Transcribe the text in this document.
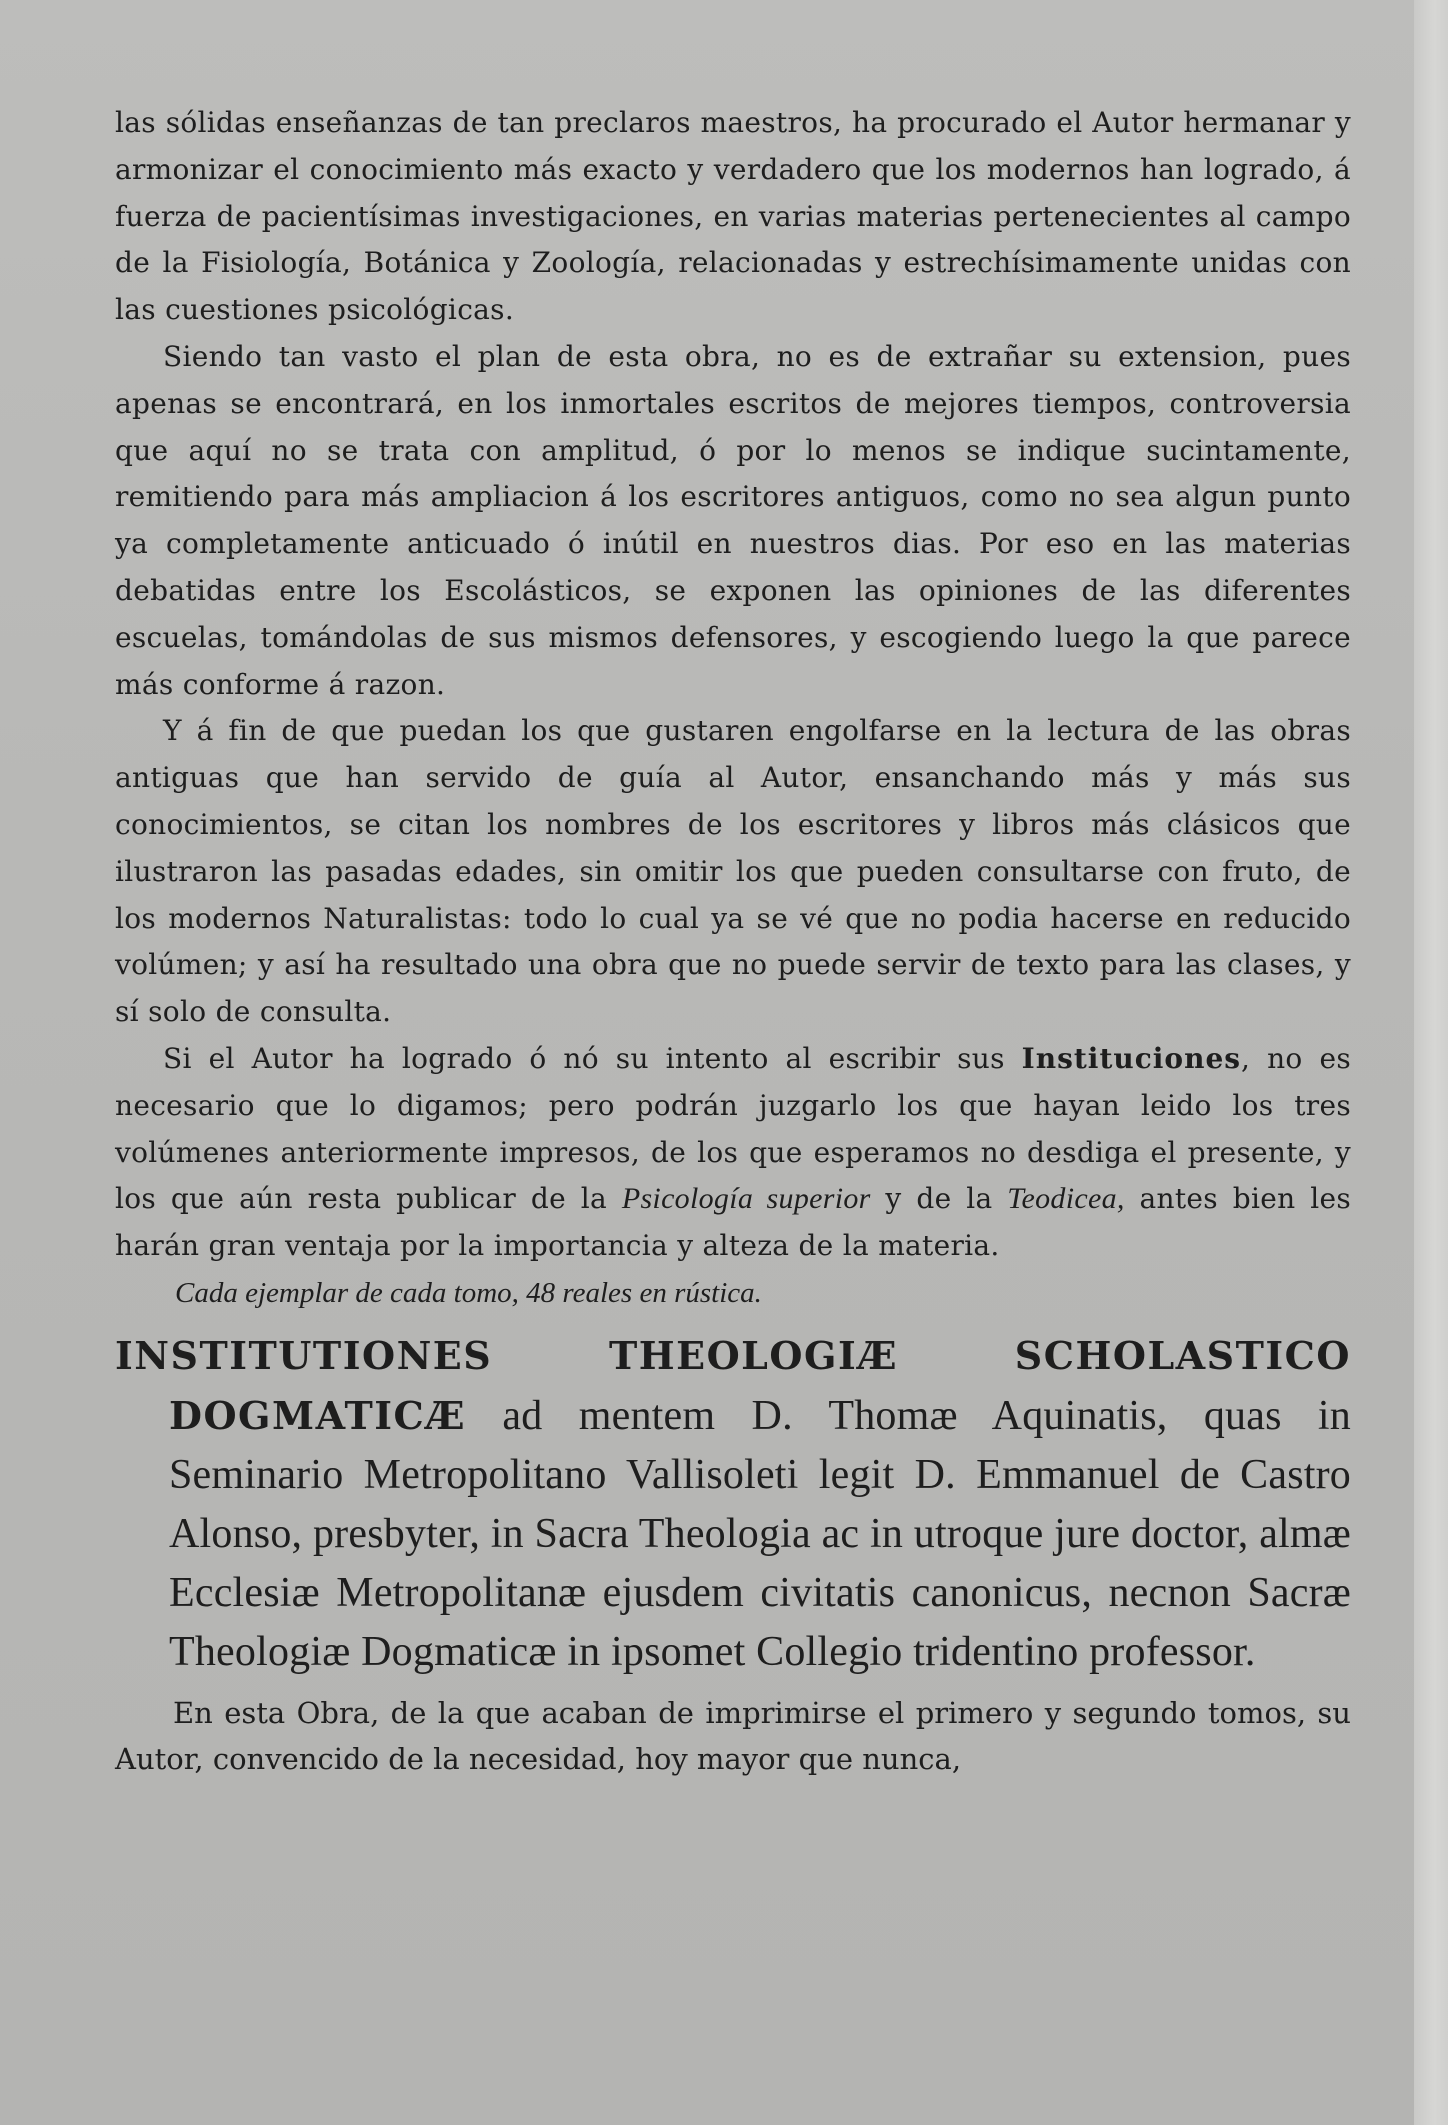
las sólidas enseñanzas de tan preclaros maestros, ha procurado el Autor hermanar y armonizar el conocimiento más exacto y verdadero que los modernos han logrado, á fuerza de pacientísimas investigaciones, en varias materias pertenecientes al campo de la Fisiología, Botánica y Zoología, relacionadas y estrechísimamente unidas con las cuestiones psicológicas.

Siendo tan vasto el plan de esta obra, no es de extrañar su extension, pues apenas se encontrará, en los inmortales escritos de mejores tiempos, controversia que aquí no se trata con amplitud, ó por lo menos se indique sucintamente, remitiendo para más ampliacion á los escritores antiguos, como no sea algun punto ya completamente anticuado ó inútil en nuestros dias. Por eso en las materias debatidas entre los Escolásticos, se exponen las opiniones de las diferentes escuelas, tomándolas de sus mismos defensores, y escogiendo luego la que parece más conforme á razon.

Y á fin de que puedan los que gustaren engolfarse en la lectura de las obras antiguas que han servido de guía al Autor, ensanchando más y más sus conocimientos, se citan los nombres de los escritores y libros más clásicos que ilustraron las pasadas edades, sin omitir los que pueden consultarse con fruto, de los modernos Naturalistas: todo lo cual ya se vé que no podia hacerse en reducido volúmen; y así ha resultado una obra que no puede servir de texto para las clases, y sí solo de consulta.

Si el Autor ha logrado ó nó su intento al escribir sus Instituciones, no es necesario que lo digamos; pero podrán juzgarlo los que hayan leido los tres volúmenes anteriormente impresos, de los que esperamos no desdiga el presente, y los que aún resta publicar de la Psicología superior y de la Teodicea, antes bien les harán gran ventaja por la importancia y alteza de la materia.

Cada ejemplar de cada tomo, 48 reales en rústica.

INSTITUTIONES THEOLOGIÆ SCHOLASTICO DOGMATICÆ ad mentem D. Thomæ Aquinatis, quas in Seminario Metropolitano Vallisoleti legit D. Emmanuel de Castro Alonso, presbyter, in Sacra Theologia ac in utroque jure doctor, almæ Ecclesiæ Metropolitanæ ejusdem civitatis canonicus, necnon Sacræ Theologiæ Dogmaticæ in ipsomet Collegio tridentino professor.

En esta Obra, de la que acaban de imprimirse el primero y segundo tomos, su Autor, convencido de la necesidad, hoy mayor que nunca,
